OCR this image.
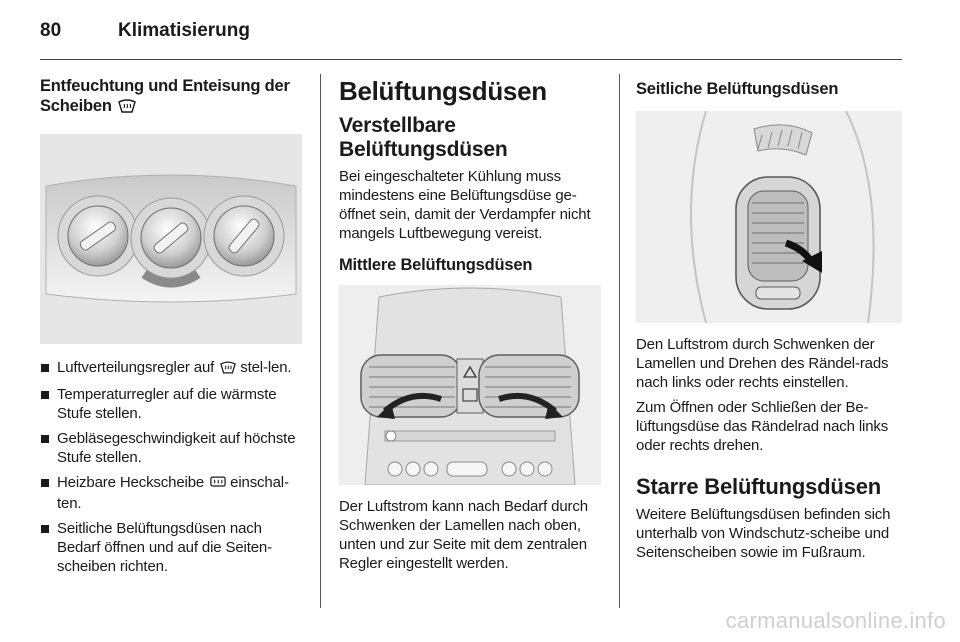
80	Klimatisierung
Entfeuchtung und Enteisung der Scheiben
Luftverteilungsregler auf stel-len.
Temperaturregler auf die wärmste Stufe stellen.
Gebläsegeschwindigkeit auf höchste Stufe stellen.
Heizbare Heckscheibe einschal-ten.
Seitliche Belüftungsdüsen nach Bedarf öffnen und auf die Seiten-scheiben richten.
Belüftungsdüsen
Verstellbare Belüftungsdüsen

Bei eingeschalteter Kühlung muss mindestens eine Belüftungsdüse ge-öffnet sein, damit der Verdampfer nicht mangels Luftbewegung vereist.

Mittlere Belüftungsdüsen

Der Luftstrom kann nach Bedarf durch Schwenken der Lamellen nach oben, unten und zur Seite mit dem zentralen Regler eingestellt werden.

Seitliche Belüftungsdüsen

Den Luftstrom durch Schwenken der Lamellen und Drehen des Rändel-rads nach links oder rechts einstellen.

Zum Öffnen oder Schließen der Be-lüftungsdüse das Rändelrad nach links oder rechts drehen.

Starre Belüftungsdüsen

Weitere Belüftungsdüsen befinden sich unterhalb von Windschutz-scheibe und Seitenscheiben sowie im Fußraum.

carmanualsonline.info
